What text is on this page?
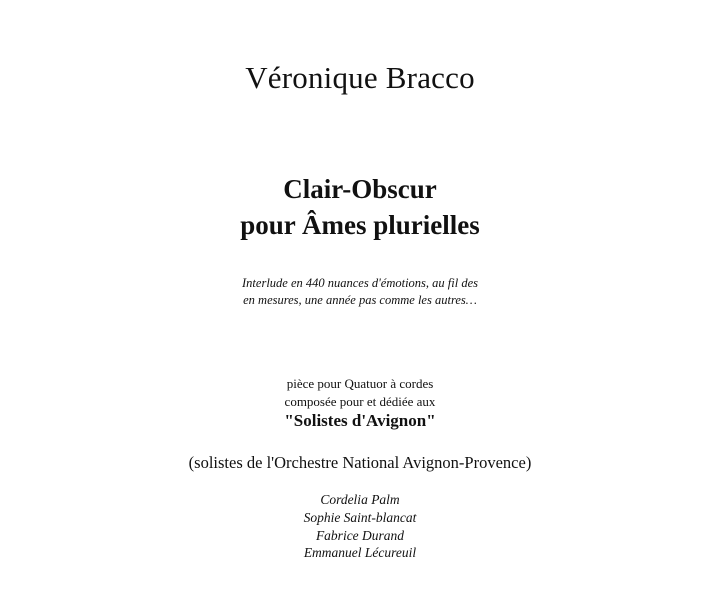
Véronique Bracco
Clair-Obscur
pour Âmes plurielles
Interlude en 440 nuances d'émotions, au fil des
en mesures, une année pas comme les autres…
pièce pour Quatuor à cordes
composée pour et dédiée aux
"Solistes d'Avignon"
(solistes de l'Orchestre National Avignon-Provence)
Cordelia Palm
Sophie Saint-blancat
Fabrice Durand
Emmanuel Lécureuil
